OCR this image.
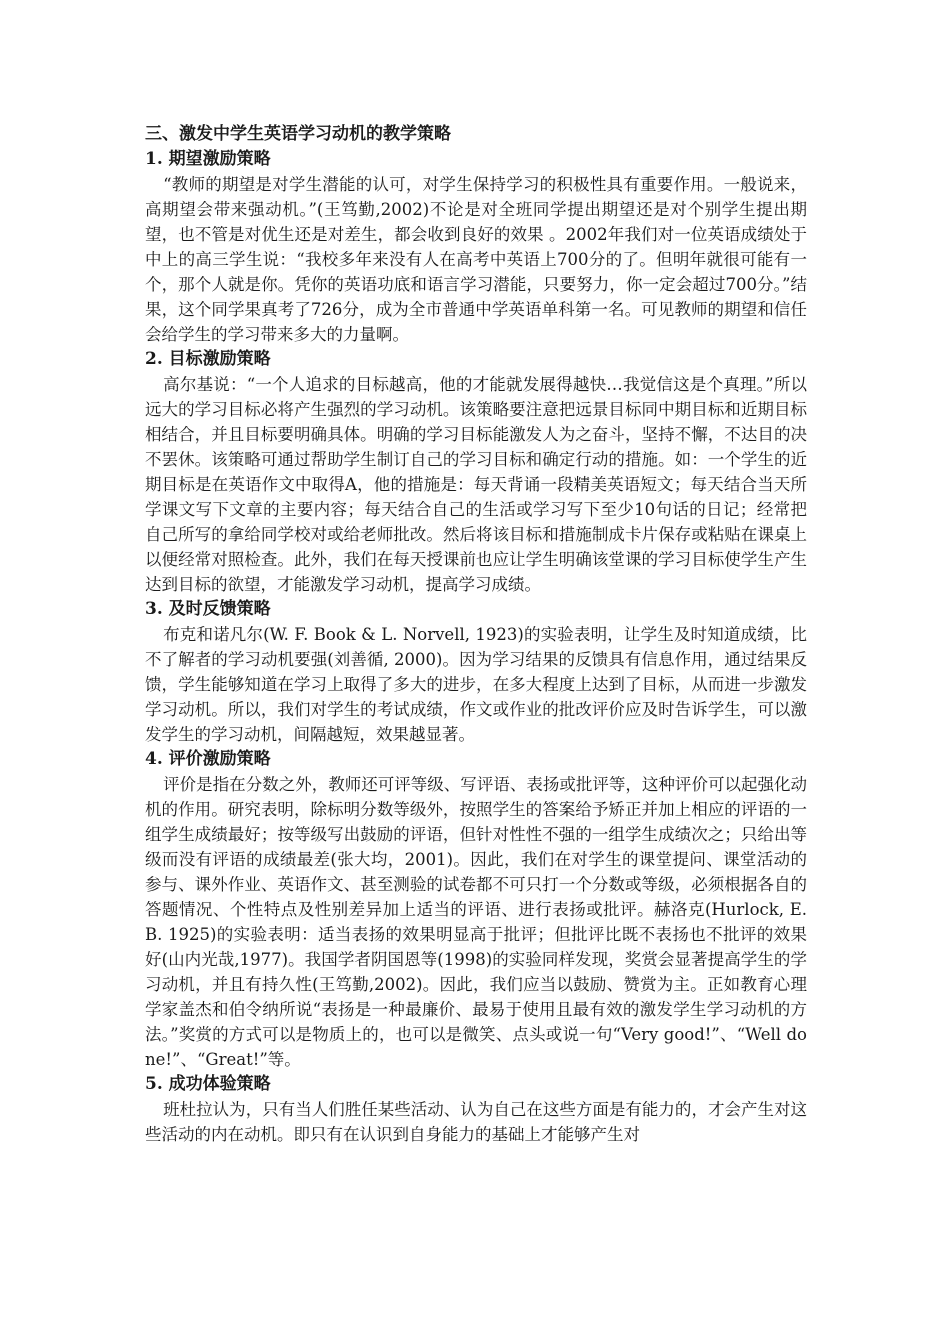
三、激发中学生英语学习动机的教学策略
1. 期望激励策略

“教师的期望是对学生潜能的认可，对学生保持学习的积极性具有重要作用。一般说来，高期望会带来强动机。”(王笃勤,2002)不论是对全班同学提出期望还是对个别学生提出期望，也不管是对优生还是对差生，都会收到良好的效果 。2002年我们对一位英语成绩处于中上的高三学生说：“我校多年来没有人在高考中英语上700分的了。但明年就很可能有一个，那个人就是你。凭你的英语功底和语言学习潜能，只要努力，你一定会超过700分。”结果，这个同学果真考了726分，成为全市普通中学英语单科第一名。可见教师的期望和信任会给学生的学习带来多大的力量啊。

2. 目标激励策略

高尔基说：“一个人追求的目标越高，他的才能就发展得越快…我觉信这是个真理。”所以远大的学习目标必将产生强烈的学习动机。该策略要注意把远景目标同中期目标和近期目标相结合，并且目标要明确具体。明确的学习目标能激发人为之奋斗，坚持不懈，不达目的决不罢休。该策略可通过帮助学生制订自己的学习目标和确定行动的措施。如：一个学生的近期目标是在英语作文中取得A，他的措施是：每天背诵一段精美英语短文；每天结合当天所学课文写下文章的主要内容；每天结合自己的生活或学习写下至少10句话的日记；经常把自己所写的拿给同学校对或给老师批改。然后将该目标和措施制成卡片保存或粘贴在课桌上以便经常对照检查。此外，我们在每天授课前也应让学生明确该堂课的学习目标使学生产生达到目标的欲望，才能激发学习动机，提高学习成绩。

3. 及时反馈策略

布克和诺凡尔(W. F. Book & L. Norvell, 1923)的实验表明，让学生及时知道成绩，比不了解者的学习动机要强(刘善循, 2000)。因为学习结果的反馈具有信息作用，通过结果反馈，学生能够知道在学习上取得了多大的进步，在多大程度上达到了目标，从而进一步激发学习动机。所以，我们对学生的考试成绩，作文或作业的批改评价应及时告诉学生，可以激发学生的学习动机，间隔越短，效果越显著。

4. 评价激励策略

评价是指在分数之外，教师还可评等级、写评语、表扬或批评等，这种评价可以起强化动机的作用。研究表明，除标明分数等级外，按照学生的答案给予矫正并加上相应的评语的一组学生成绩最好；按等级写出鼓励的评语，但针对性性不强的一组学生成绩次之；只给出等级而没有评语的成绩最差(张大均，2001)。因此，我们在对学生的课堂提问、课堂活动的参与、课外作业、英语作文、甚至测验的试卷都不可只打一个分数或等级，必须根据各自的答题情况、个性特点及性别差异加上适当的评语、进行表扬或批评。赫洛克(Hurlock, E. B. 1925)的实验表明：适当表扬的效果明显高于批评；但批评比既不表扬也不批评的效果好(山内光哉,1977)。我国学者阴国恩等(1998)的实验同样发现，奖赏会显著提高学生的学习动机，并且有持久性(王笃勤,2002)。因此，我们应当以鼓励、赞赏为主。正如教育心理学家盖杰和伯令纳所说“表扬是一种最廉价、最易于使用且最有效的激发学生学习动机的方法。”奖赏的方式可以是物质上的，也可以是微笑、点头或说一句“Very good!”、“Well done!”、“Great!”等。

5. 成功体验策略

班杜拉认为，只有当人们胜任某些活动、认为自己在这些方面是有能力的，才会产生对这些活动的内在动机。即只有在认识到自身能力的基础上才能够产生对
